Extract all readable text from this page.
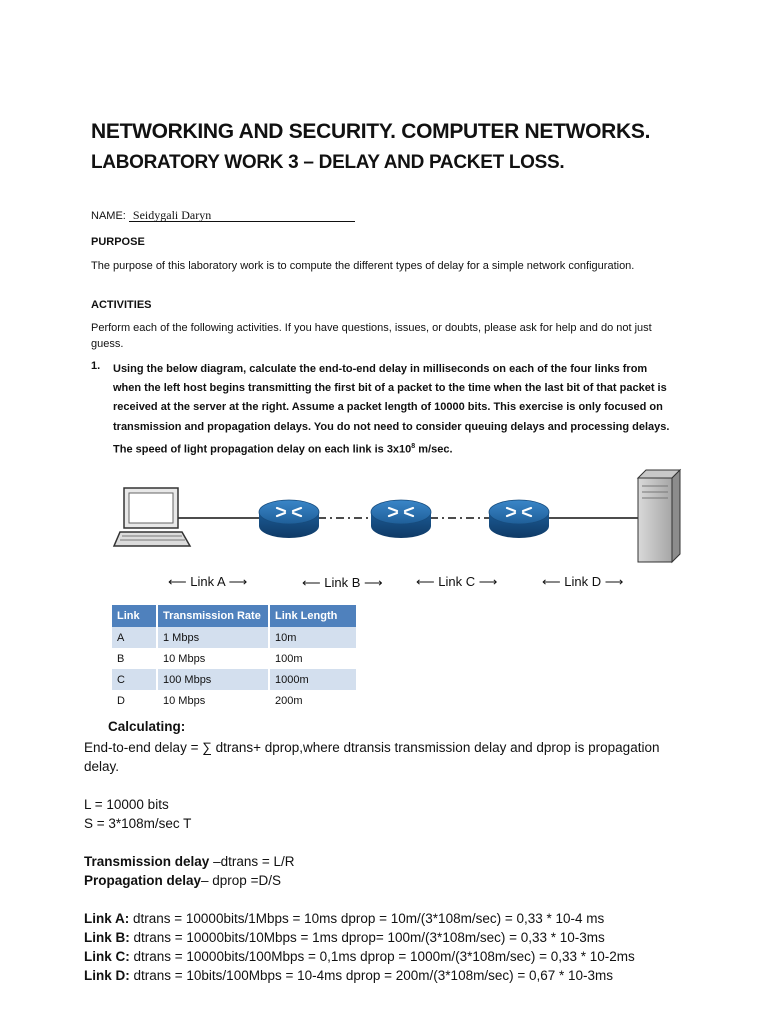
NETWORKING AND SECURITY. COMPUTER NETWORKS.
LABORATORY WORK 3 – DELAY AND PACKET LOSS.
NAME: Seidygali Daryn
PURPOSE
The purpose of this laboratory work is to compute the different types of delay for a simple network configuration.
ACTIVITIES
Perform each of the following activities. If you have questions, issues, or doubts, please ask for help and do not just
guess.
1. Using the below diagram, calculate the end-to-end delay in milliseconds on each of the four links from
when the left host begins transmitting the first bit of a packet to the time when the last bit of that packet is
received at the server at the right. Assume a packet length of 10000 bits. This exercise is only focused on
transmission and propagation delays. You do not need to consider queuing delays and processing delays.
The speed of light propagation delay on each link is $3x10^8$ m/sec.
⟵ Link A ⟶	⟵ Link B ⟶	⟵ Link C ⟶	⟵ Link D ⟶
Link	Transmission Rate	Link Length
A	1 Mbps	10m
B	10 Mbps	100m
C	100 Mbps	1000m
D	10 Mbps	200m
Calculating:
End-to-end delay = ∑ dtrans+ dprop,where dtransis transmission delay and dprop is propagation
delay.
L = 10000 bits
S = 3*108m/sec T
Transmission delay –dtrans = L/R
Propagation delay– dprop =D/S
Link A: dtrans = 10000bits/1Mbps = 10ms dprop = 10m/(3*108m/sec) = 0,33 * 10-4 ms
Link B: dtrans = 10000bits/10Mbps = 1ms dprop= 100m/(3*108m/sec) = 0,33 * 10-3ms
Link C: dtrans = 10000bits/100Mbps = 0,1ms dprop = 1000m/(3*108m/sec) = 0,33 * 10-2ms
Link D: dtrans = 10bits/100Mbps = 10-4ms dprop = 200m/(3*108m/sec) = 0,67 * 10-3ms
